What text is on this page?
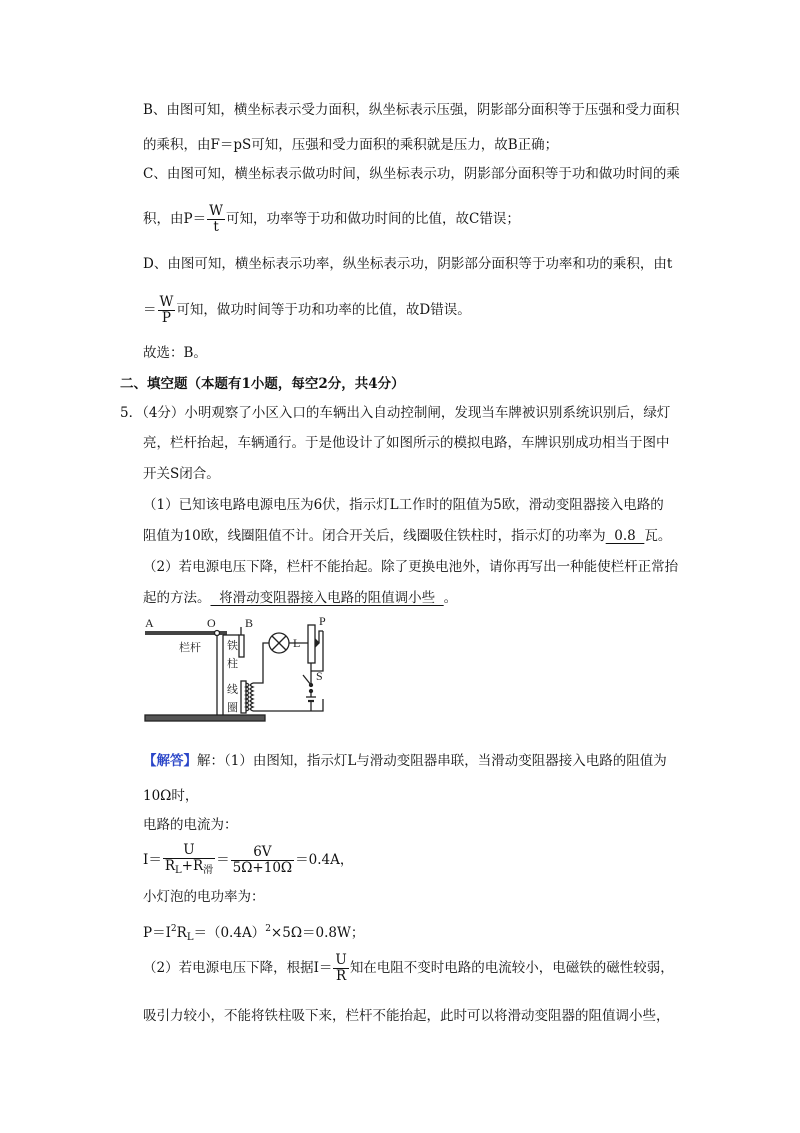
B、由图可知，横坐标表示受力面积，纵坐标表示压强，阴影部分面积等于压强和受力面积
的乘积，由F＝pS可知，压强和受力面积的乘积就是压力，故B正确；
C、由图可知，横坐标表示做功时间，纵坐标表示功，阴影部分面积等于功和做功时间的乘
积，由$P= \frac{W}{t}$ 可知，功率等于功和做功时间的比值，故C错误；
D、由图可知，横坐标表示功率，纵坐标表示功，阴影部分面积等于功率和功的乘积，由t
＝ $\frac{W}{P}$ 可知，做功时间等于功和功率的比值，故D错误。
故选：B。
二、填空题（本题有1小题，每空2分，共4分）
5．（4分）小明观察了小区入口的车辆出入自动控制闸，发现当车牌被识别系统识别后，绿灯
亮，栏杆抬起，车辆通行。于是他设计了如图所示的模拟电路，车牌识别成功相当于图中
开关S闭合。
（1）已知该电路电源电压为6伏，指示灯L工作时的阻值为5欧，滑动变阻器接入电路的
阻值为10欧，线圈阻值不计。闭合开关后，线圈吸住铁柱时，指示灯的功率为  0.8  瓦。
（2）若电源电压下降，栏杆不能抬起。除了更换电池外，请你再写出一种能使栏杆正常抬
起的方法。  将滑动变阻器接入电路的阻值调小些  。
A	O B
栏杆 铁
柱
线
圈
L
P
S
【解答】解：（1）由图知，指示灯L与滑动变阻器串联，当滑动变阻器接入电路的阻值为
10Ω时，
电路的电流为：
$I= \frac{U}{R_L+R_滑} = \frac{6V}{5\Omega+10\Omega} =0.4A$，
小灯泡的电功率为：
$P=I^2R_L=(0.4A)^2\times 5\Omega=0.8W$；
（2）若电源电压下降，根据$I= \frac{U}{R}$ 知在电阻不变时电路的电流较小，电磁铁的磁性较弱，
吸引力较小，不能将铁柱吸下来，栏杆不能抬起，此时可以将滑动变阻器的阻值调小些，
